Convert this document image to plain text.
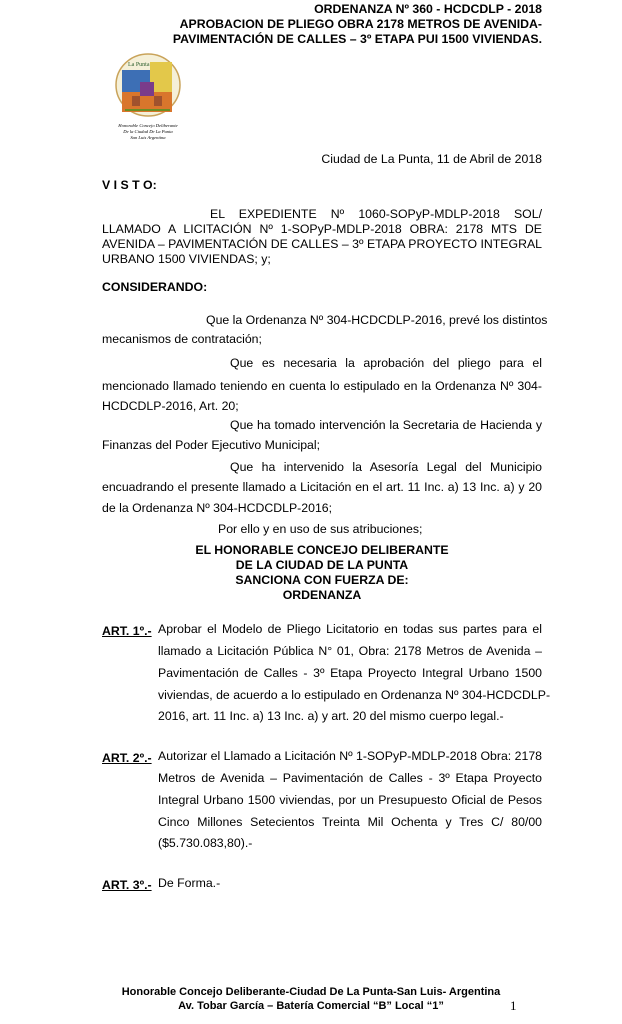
ORDENANZA Nº 360 - HCDCDLP - 2018
APROBACION DE PLIEGO OBRA 2178 METROS DE AVENIDA-
PAVIMENTACIÓN DE CALLES – 3º ETAPA PUI 1500 VIVIENDAS.
La Punta
Honorable Concejo Deliberante
De la Ciudad De La Punta
San Luis Argentina
Ciudad de La Punta, 11 de Abril de 2018
V I S T O:
EL EXPEDIENTE Nº 1060-SOPyP-MDLP-2018 SOL/
LLAMADO A LICITACIÓN Nº 1-SOPyP-MDLP-2018 OBRA: 2178 MTS DE
AVENIDA – PAVIMENTACIÓN DE CALLES – 3º ETAPA PROYECTO INTEGRAL
URBANO 1500 VIVIENDAS; y;
CONSIDERANDO:
Que la Ordenanza Nº 304-HCDCDLP-2016, prevé los distintos
mecanismos de contratación;
Que es necesaria la aprobación del pliego para el
mencionado llamado teniendo en cuenta lo estipulado en la Ordenanza Nº 304-
HCDCDLP-2016, Art. 20;
Que ha tomado intervención la Secretaria de Hacienda y
Finanzas del Poder Ejecutivo Municipal;
Que ha intervenido la Asesoría Legal del Municipio
encuadrando el presente llamado a Licitación en el art. 11 Inc. a) 13 Inc. a) y 20
de la Ordenanza Nº 304-HCDCDLP-2016;
Por ello y en uso de sus atribuciones;
EL HONORABLE CONCEJO DELIBERANTE
DE LA CIUDAD DE LA PUNTA
SANCIONA CON FUERZA DE:
ORDENANZA
ART. 1º.- Aprobar el Modelo de Pliego Licitatorio en todas sus partes para el
llamado a Licitación Pública N° 01, Obra: 2178 Metros de Avenida –
Pavimentación de Calles - 3º Etapa Proyecto Integral Urbano 1500
viviendas, de acuerdo a lo estipulado en Ordenanza Nº 304-HCDCDLP-
2016, art. 11 Inc. a) 13 Inc. a) y art. 20 del mismo cuerpo legal.-
ART. 2º.- Autorizar el Llamado a Licitación Nº 1-SOPyP-MDLP-2018 Obra: 2178
Metros de Avenida – Pavimentación de Calles - 3º Etapa Proyecto
Integral Urbano 1500 viviendas, por un Presupuesto Oficial de Pesos
Cinco Millones Setecientos Treinta Mil Ochenta y Tres C/ 80/00
($5.730.083,80).-
ART. 3º.- De Forma.-
Honorable Concejo Deliberante-Ciudad De La Punta-San Luis- Argentina
Av. Tobar García – Batería Comercial “B” Local “1”	1
